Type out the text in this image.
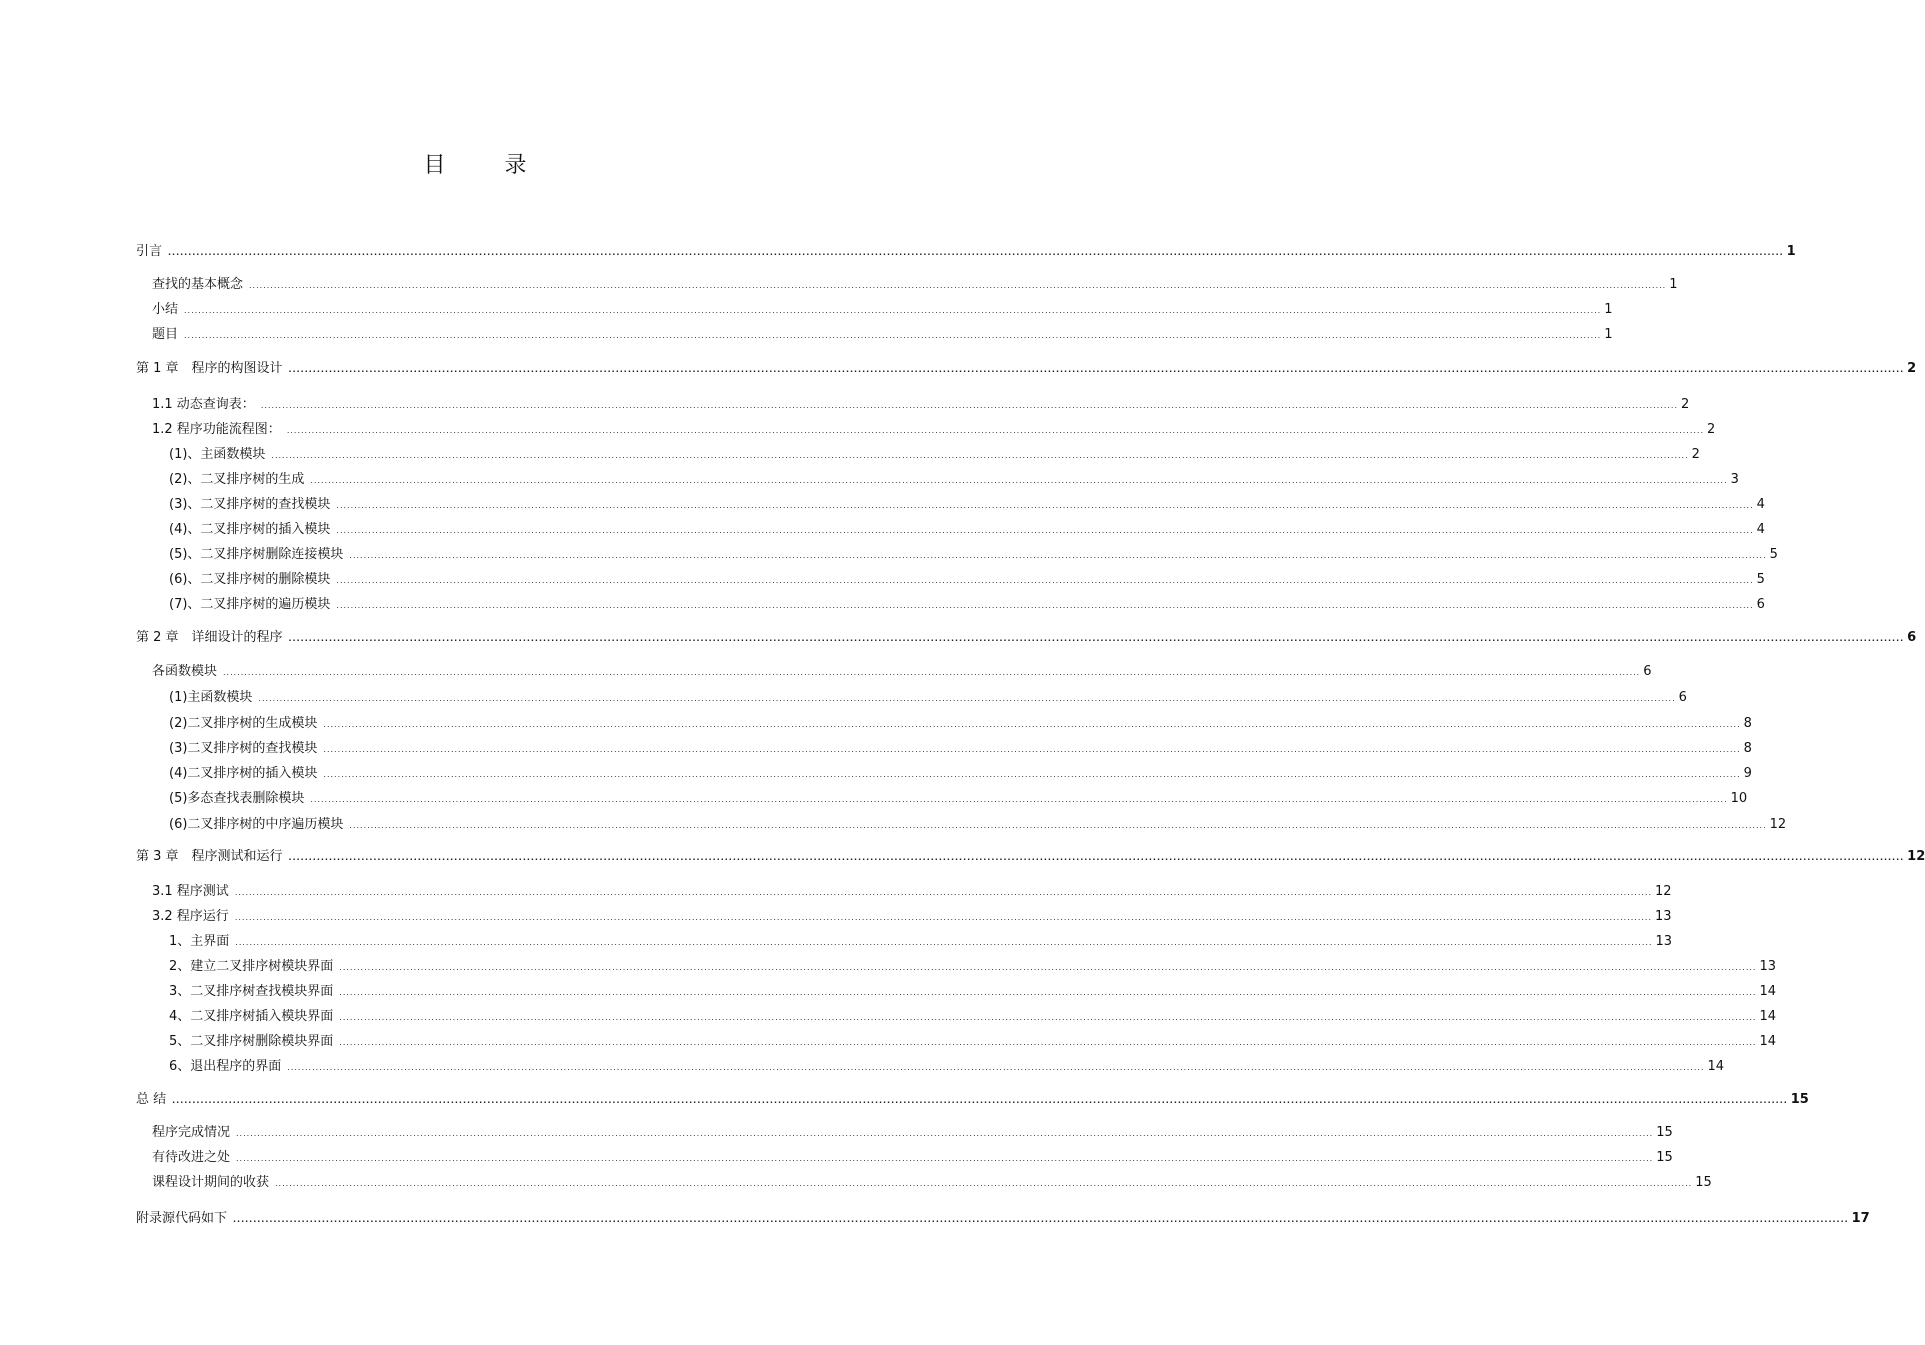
目 录
引言 ................................................................................................................................................................................................................................................................................................................................................................................................................ 1
查找的基本概念 ................................................................................................................................................................................................................................................................................................................................................................................................................ 1
小结 ................................................................................................................................................................................................................................................................................................................................................................................................................ 1
题目 ................................................................................................................................................................................................................................................................................................................................................................................................................ 1
第 1 章　程序的构图设计 ................................................................................................................................................................................................................................................................................................................................................................................................................ 2
1.1 动态查询表： ................................................................................................................................................................................................................................................................................................................................................................................................................ 2
1.2 程序功能流程图： ................................................................................................................................................................................................................................................................................................................................................................................................................ 2
(1)、主函数模块 ................................................................................................................................................................................................................................................................................................................................................................................................................ 2
(2)、二叉排序树的生成 ................................................................................................................................................................................................................................................................................................................................................................................................................ 3
(3)、二叉排序树的查找模块 ................................................................................................................................................................................................................................................................................................................................................................................................................ 4
(4)、二叉排序树的插入模块 ................................................................................................................................................................................................................................................................................................................................................................................................................ 4
(5)、二叉排序树删除连接模块 ................................................................................................................................................................................................................................................................................................................................................................................................................ 5
(6)、二叉排序树的删除模块 ................................................................................................................................................................................................................................................................................................................................................................................................................ 5
(7)、二叉排序树的遍历模块 ................................................................................................................................................................................................................................................................................................................................................................................................................ 6
第 2 章　详细设计的程序 ................................................................................................................................................................................................................................................................................................................................................................................................................ 6
各函数模块 ................................................................................................................................................................................................................................................................................................................................................................................................................ 6
(1)主函数模块 ................................................................................................................................................................................................................................................................................................................................................................................................................ 6
(2)二叉排序树的生成模块 ................................................................................................................................................................................................................................................................................................................................................................................................................ 8
(3)二叉排序树的查找模块 ................................................................................................................................................................................................................................................................................................................................................................................................................ 8
(4)二叉排序树的插入模块 ................................................................................................................................................................................................................................................................................................................................................................................................................ 9
(5)多态查找表删除模块 ................................................................................................................................................................................................................................................................................................................................................................................................................ 10
(6)二叉排序树的中序遍历模块 ................................................................................................................................................................................................................................................................................................................................................................................................................ 12
第 3 章　程序测试和运行 ................................................................................................................................................................................................................................................................................................................................................................................................................ 12
3.1 程序测试 ................................................................................................................................................................................................................................................................................................................................................................................................................ 12
3.2 程序运行 ................................................................................................................................................................................................................................................................................................................................................................................................................ 13
1、主界面 ................................................................................................................................................................................................................................................................................................................................................................................................................ 13
2、建立二叉排序树模块界面 ................................................................................................................................................................................................................................................................................................................................................................................................................ 13
3、二叉排序树查找模块界面 ................................................................................................................................................................................................................................................................................................................................................................................................................ 14
4、二叉排序树插入模块界面 ................................................................................................................................................................................................................................................................................................................................................................................................................ 14
5、二叉排序树删除模块界面 ................................................................................................................................................................................................................................................................................................................................................................................................................ 14
6、退出程序的界面 ................................................................................................................................................................................................................................................................................................................................................................................................................ 14
总 结 ................................................................................................................................................................................................................................................................................................................................................................................................................ 15
程序完成情况 ................................................................................................................................................................................................................................................................................................................................................................................................................ 15
有待改进之处 ................................................................................................................................................................................................................................................................................................................................................................................................................ 15
课程设计期间的收获 ................................................................................................................................................................................................................................................................................................................................................................................................................ 15
附录源代码如下 ................................................................................................................................................................................................................................................................................................................................................................................................................ 17
